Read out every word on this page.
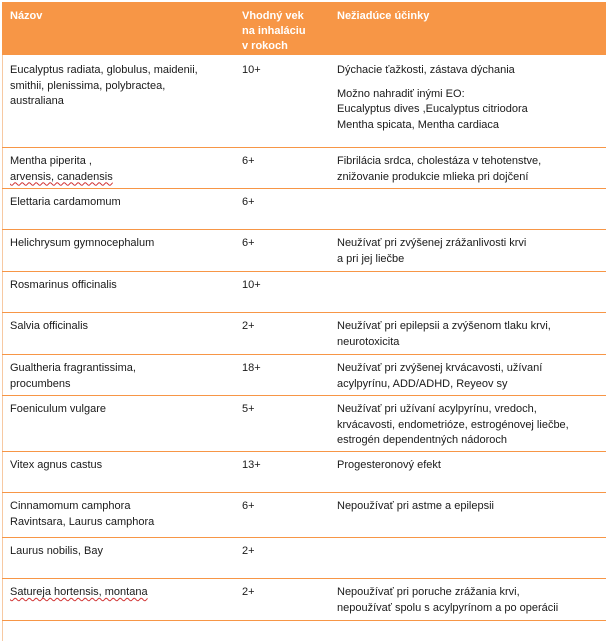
Názov	Vhodný vek
na inhaláciu
v rokoch	Nežiadúce účinky

Eucalyptus radiata, globulus, maidenii,
smithii, plenissima, polybractea,
australiana	10+	Dýchacie ťažkosti, zástava dýchania
Možno nahradiť inými EO:
Eucalyptus dives ,Eucalyptus citriodora
Mentha spicata, Mentha cardiaca

Mentha piperita ,
arvensis, canadensis	6+	Fibrilácia srdca, cholestáza v tehotenstve,
znižovanie produkcie mlieka pri dojčení

Elettaria cardamomum	6+	

Helichrysum gymnocephalum	6+	Neužívať pri zvýšenej zrážanlivosti krvi
a pri jej liečbe

Rosmarinus officinalis	10+	

Salvia officinalis	2+	Neužívať pri epilepsii a zvýšenom tlaku krvi,
neurotoxicita

Gualtheria fragrantissima,
procumbens	18+	Neužívať pri zvýšenej krvácavosti, užívaní
acylpyrínu, ADD/ADHD, Reyeov sy

Foeniculum vulgare	5+	Neužívať pri užívaní acylpyrínu, vredoch,
krvácavosti, endometrióze, estrogénovej liečbe,
estrogén dependentných nádoroch

Vitex agnus castus	13+	Progesteronový efekt

Cinnamomum camphora
Ravintsara, Laurus camphora	6+	Nepoužívať pri astme a epilepsii

Laurus nobilis, Bay	2+	

Satureja hortensis, montana	2+	Nepoužívať pri poruche zrážania krvi,
nepoužívať spolu s acylpyrínom a po operácii
